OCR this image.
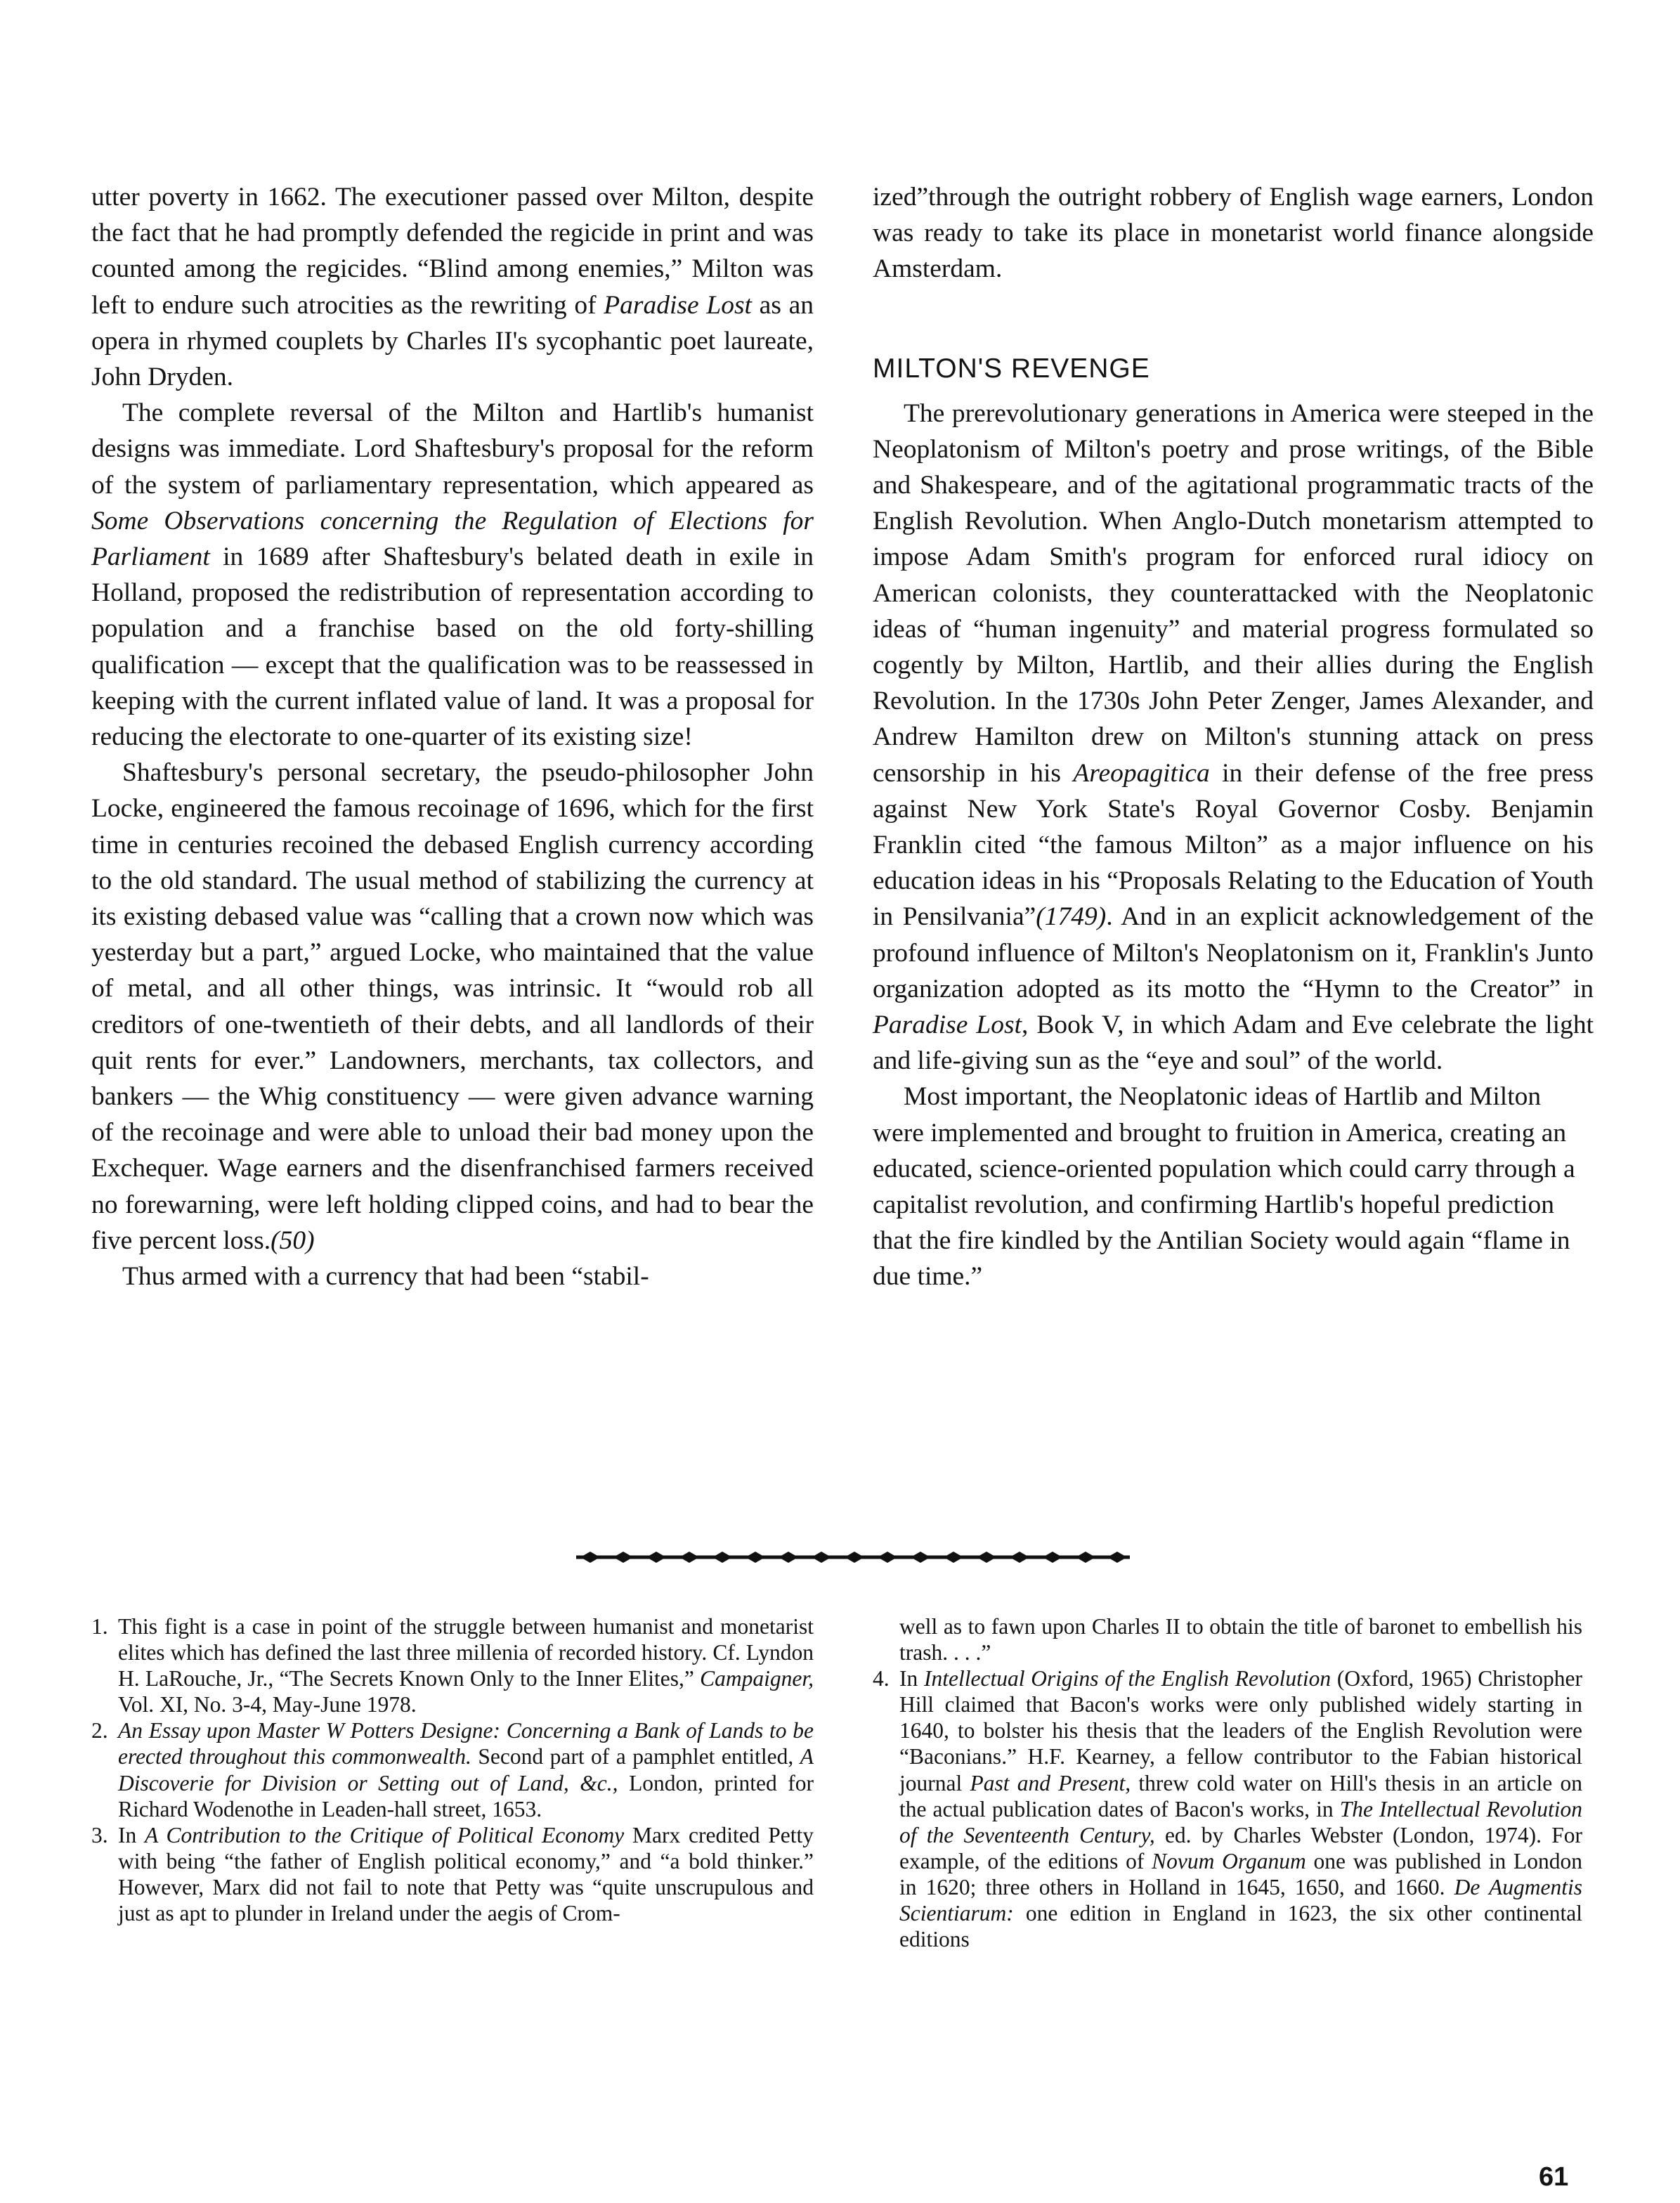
utter poverty in 1662. The executioner passed over Milton, despite the fact that he had promptly defended the regicide in print and was counted among the regicides. “Blind among enemies,” Milton was left to endure such atrocities as the rewriting of Paradise Lost as an opera in rhymed couplets by Charles II's sycophantic poet laureate, John Dryden.

The complete reversal of the Milton and Hartlib's humanist designs was immediate. Lord Shaftesbury's proposal for the reform of the system of parliamentary representation, which appeared as Some Observations concerning the Regulation of Elections for Parliament in 1689 after Shaftesbury's belated death in exile in Holland, proposed the redistribution of representation according to population and a franchise based on the old forty-shilling qualification — except that the qualification was to be reassessed in keeping with the current inflated value of land. It was a proposal for reducing the electorate to one-quarter of its existing size!

Shaftesbury's personal secretary, the pseudo-philosopher John Locke, engineered the famous recoinage of 1696, which for the first time in centuries recoined the debased English currency according to the old standard. The usual method of stabilizing the currency at its existing debased value was “calling that a crown now which was yesterday but a part,” argued Locke, who maintained that the value of metal, and all other things, was intrinsic. It “would rob all creditors of one-twentieth of their debts, and all landlords of their quit rents for ever.” Landowners, merchants, tax collectors, and bankers — the Whig constituency — were given advance warning of the recoinage and were able to unload their bad money upon the Exchequer. Wage earners and the disenfranchised farmers received no forewarning, were left holding clipped coins, and had to bear the five percent loss.(50)

Thus armed with a currency that had been “stabil-

ized”through the outright robbery of English wage earners, London was ready to take its place in monetarist world finance alongside Amsterdam.

MILTON'S REVENGE

The prerevolutionary generations in America were steeped in the Neoplatonism of Milton's poetry and prose writings, of the Bible and Shakespeare, and of the agitational programmatic tracts of the English Revolution. When Anglo-Dutch monetarism attempted to impose Adam Smith's program for enforced rural idiocy on American colonists, they counterattacked with the Neoplatonic ideas of “human ingenuity” and material progress formulated so cogently by Milton, Hartlib, and their allies during the English Revolution. In the 1730s John Peter Zenger, James Alexander, and Andrew Hamilton drew on Milton's stunning attack on press censorship in his Areopagitica in their defense of the free press against New York State's Royal Governor Cosby. Benjamin Franklin cited “the famous Milton” as a major influence on his education ideas in his “Proposals Relating to the Education of Youth in Pensilvania”(1749). And in an explicit acknowledgement of the profound influence of Milton's Neoplatonism on it, Franklin's Junto organization adopted as its motto the “Hymn to the Creator” in Paradise Lost, Book V, in which Adam and Eve celebrate the light and life-giving sun as the “eye and soul” of the world.

Most important, the Neoplatonic ideas of Hartlib and Milton were implemented and brought to fruition in America, creating an educated, science-oriented population which could carry through a capitalist revolution, and confirming Hartlib's hopeful prediction that the fire kindled by the Antilian Society would again “flame in due time.”

1. This fight is a case in point of the struggle between humanist and monetarist elites which has defined the last three millenia of recorded history. Cf. Lyndon H. LaRouche, Jr., “The Secrets Known Only to the Inner Elites,” Campaigner, Vol. XI, No. 3-4, May-June 1978.
2. An Essay upon Master W Potters Designe: Concerning a Bank of Lands to be erected throughout this commonwealth. Second part of a pamphlet entitled, A Discoverie for Division or Setting out of Land, &c., London, printed for Richard Wodenothe in Leaden-hall street, 1653.
3. In A Contribution to the Critique of Political Economy Marx credited Petty with being “the father of English political economy,” and “a bold thinker.” However, Marx did not fail to note that Petty was “quite unscrupulous and just as apt to plunder in Ireland under the aegis of Crom-

well as to fawn upon Charles II to obtain the title of baronet to embellish his trash. . . .”

4. In Intellectual Origins of the English Revolution (Oxford, 1965) Christopher Hill claimed that Bacon's works were only published widely starting in 1640, to bolster his thesis that the leaders of the English Revolution were “Baconians.” H.F. Kearney, a fellow contributor to the Fabian historical journal Past and Present, threw cold water on Hill's thesis in an article on the actual publication dates of Bacon's works, in The Intellectual Revolution of the Seventeenth Century, ed. by Charles Webster (London, 1974). For example, of the editions of Novum Organum one was published in London in 1620; three others in Holland in 1645, 1650, and 1660. De Augmentis Scientiarum: one edition in England in 1623, the six other continental editions
61
